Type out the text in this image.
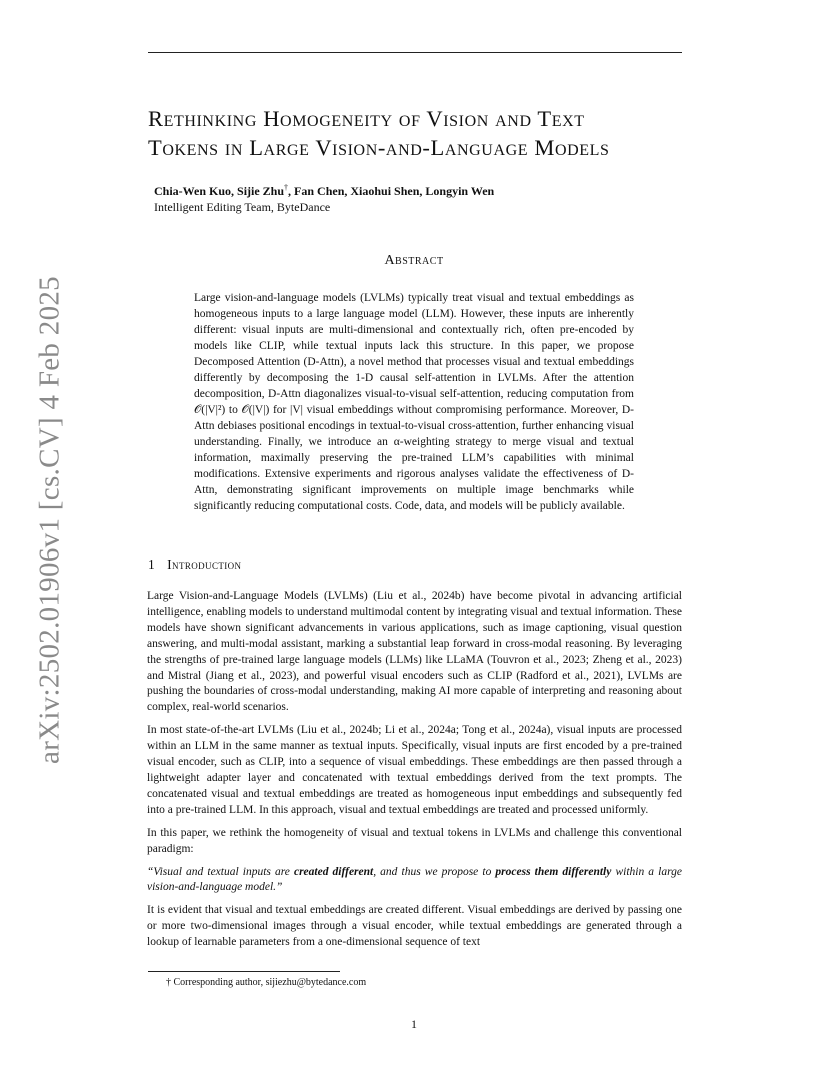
arXiv:2502.01906v1 [cs.CV] 4 Feb 2025
Rethinking Homogeneity of Vision and Text
Tokens in Large Vision-and-Language Models
Chia-Wen Kuo, Sijie Zhu†, Fan Chen, Xiaohui Shen, Longyin Wen
Intelligent Editing Team, ByteDance
Abstract
Large vision-and-language models (LVLMs) typically treat visual and textual embeddings as homogeneous inputs to a large language model (LLM). However, these inputs are inherently different: visual inputs are multi-dimensional and contextually rich, often pre-encoded by models like CLIP, while textual inputs lack this structure. In this paper, we propose Decomposed Attention (D-Attn), a novel method that processes visual and textual embeddings differently by decomposing the 1-D causal self-attention in LVLMs. After the attention decomposition, D-Attn diagonalizes visual-to-visual self-attention, reducing computation from 𝒪(|V|²) to 𝒪(|V|) for |V| visual embeddings without compromising performance. Moreover, D-Attn debiases positional encodings in textual-to-visual cross-attention, further enhancing visual understanding. Finally, we introduce an α-weighting strategy to merge visual and textual information, maximally preserving the pre-trained LLM’s capabilities with minimal modifications. Extensive experiments and rigorous analyses validate the effectiveness of D-Attn, demonstrating significant improvements on multiple image benchmarks while significantly reducing computational costs. Code, data, and models will be publicly available.
1 Introduction

Large Vision-and-Language Models (LVLMs) (Liu et al., 2024b) have become pivotal in advancing artificial intelligence, enabling models to understand multimodal content by integrating visual and textual information. These models have shown significant advancements in various applications, such as image captioning, visual question answering, and multi-modal assistant, marking a substantial leap forward in cross-modal reasoning. By leveraging the strengths of pre-trained large language models (LLMs) like LLaMA (Touvron et al., 2023; Zheng et al., 2023) and Mistral (Jiang et al., 2023), and powerful visual encoders such as CLIP (Radford et al., 2021), LVLMs are pushing the boundaries of cross-modal understanding, making AI more capable of interpreting and reasoning about complex, real-world scenarios.

In most state-of-the-art LVLMs (Liu et al., 2024b; Li et al., 2024a; Tong et al., 2024a), visual inputs are processed within an LLM in the same manner as textual inputs. Specifically, visual inputs are first encoded by a pre-trained visual encoder, such as CLIP, into a sequence of visual embeddings. These embeddings are then passed through a lightweight adapter layer and concatenated with textual embeddings derived from the text prompts. The concatenated visual and textual embeddings are treated as homogeneous input embeddings and subsequently fed into a pre-trained LLM. In this approach, visual and textual embeddings are treated and processed uniformly.

In this paper, we rethink the homogeneity of visual and textual tokens in LVLMs and challenge this conventional paradigm:

“Visual and textual inputs are created different, and thus we propose to process them differently within a large vision-and-language model.”

It is evident that visual and textual embeddings are created different. Visual embeddings are derived by passing one or more two-dimensional images through a visual encoder, while textual embeddings are generated through a lookup of learnable parameters from a one-dimensional sequence of text

† Corresponding author, sijiezhu@bytedance.com
1
